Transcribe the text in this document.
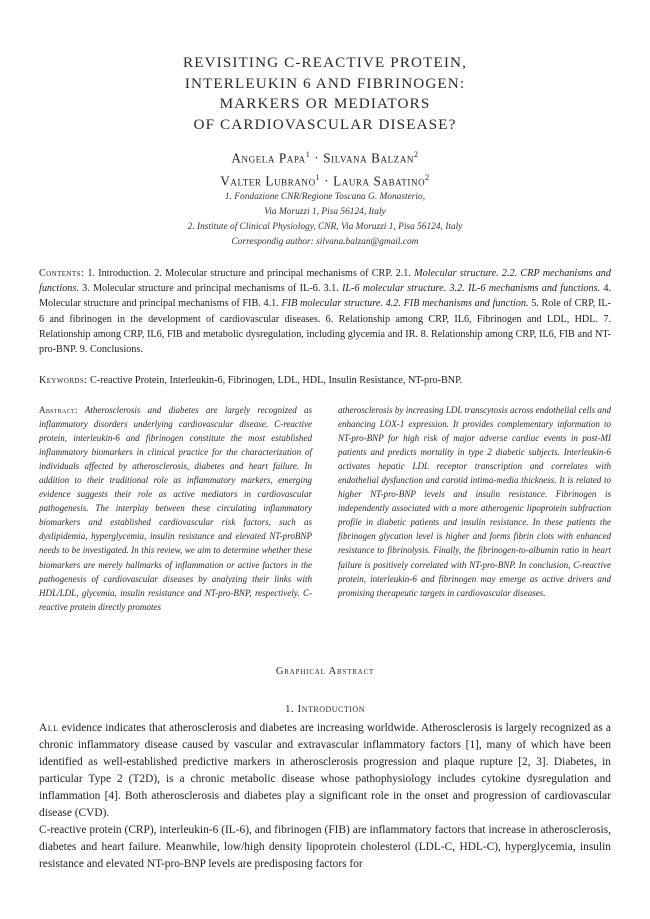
REVISITING C-REACTIVE PROTEIN,
INTERLEUKIN 6 AND FIBRINOGEN:
MARKERS OR MEDIATORS
OF CARDIOVASCULAR DISEASE?
Angela Papa$^1$ · Silvana Balzan$^2$
Valter Lubrano$^1$ · Laura Sabatino$^2$
1. Fondazione CNR/Regione Toscana G. Monasterio,
Via Moruzzi 1, Pisa 56124, Italy
2. Institute of Clinical Physiology, CNR, Via Moruzzi 1, Pisa 56124, Italy
Correspondig author: silvana.balzan@gmail.com
Contents: 1. Introduction. 2. Molecular structure and principal mechanisms of CRP. 2.1. Molecular structure. 2.2. CRP mechanisms and functions. 3. Molecular structure and principal mechanisms of IL-6. 3.1. IL-6 molecular structure. 3.2. IL-6 mechanisms and functions. 4. Molecular structure and principal mechanisms of FIB. 4.1. FIB molecular structure. 4.2. FIB mechanisms and function. 5. Role of CRP, IL-6 and fibrinogen in the development of cardiovascular diseases. 6. Relationship among CRP, IL6, Fibrinogen and LDL, HDL. 7. Relationship among CRP, IL6, FIB and metabolic dysregulation, including glycemia and IR. 8. Relationship among CRP, IL6, FIB and NT-pro-BNP. 9. Conclusions.
Keywords: C-reactive Protein, Interleukin-6, Fibrinogen, LDL, HDL, Insulin Resistance, NT-pro-BNP.
Abstract: Atherosclerosis and diabetes are largely recognized as inflammatory disorders underlying cardiovascular disease. C-reactive protein, interleukin-6 and fibrinogen constitute the most established inflammatory biomarkers in clinical practice for the characterization of individuals affected by atherosclerosis, diabetes and heart failure. In addition to their traditional role as inflammatory markers, emerging evidence suggests their role as active mediators in cardiovascular pathogenesis. The interplay between these circulating inflammatory biomarkers and established cardiovascular risk factors, such as dyslipidemia, hyperglycemia, insulin resistance and elevated NT-proBNP needs to be investigated. In this review, we aim to determine whether these biomarkers are merely hallmarks of inflammation or active factors in the pathogenesis of cardiovascular diseases by analyzing their links with HDL/LDL, glycemia, insulin resistance and NT-pro-BNP, respectively. C-reactive protein directly promotes
atherosclerosis by increasing LDL transcytosis across endothelial cells and enhancing LOX-1 expression. It provides complementary information to NT-pro-BNP for high risk of major adverse cardiac events in post-MI patients and predicts mortality in type 2 diabetic subjects. Interleukin-6 activates hepatic LDL receptor transcription and correlates with endothelial dysfunction and carotid intima-media thickness. It is related to higher NT-pro-BNP levels and insulin resistance. Fibrinogen is independently associated with a more atherogenic lipoprotein subfraction profile in diabetic patients and insulin resistance. In these patients the fibrinogen glycation level is higher and forms fibrin clots with enhanced resistance to fibrinolysis. Finally, the fibrinogen-to-albumin ratio in heart failure is positively correlated with NT-pro-BNP. In conclusion, C-reactive protein, interleukin-6 and fibrinogen may emerge as active drivers and promising therapeutic targets in cardiovascular diseases.
Graphical Abstract
1. Introduction

All evidence indicates that atherosclerosis and diabetes are increasing worldwide. Atherosclerosis is largely recognized as a chronic inflammatory disease caused by vascular and extravascular inflammatory factors [1], many of which have been identified as well-established predictive markers in atherosclerosis progression and plaque rupture [2, 3]. Diabetes, in particular Type 2 (T2D), is a chronic metabolic disease whose pathophysiology includes cytokine dysregulation and inflammation [4]. Both atherosclerosis and diabetes play a significant role in the onset and progression of cardiovascular disease (CVD).

C-reactive protein (CRP), interleukin-6 (IL-6), and fibrinogen (FIB) are inflammatory factors that increase in atherosclerosis, diabetes and heart failure. Meanwhile, low/high density lipoprotein cholesterol (LDL-C, HDL-C), hyperglycemia, insulin resistance and elevated NT-pro-BNP levels are predisposing factors for
